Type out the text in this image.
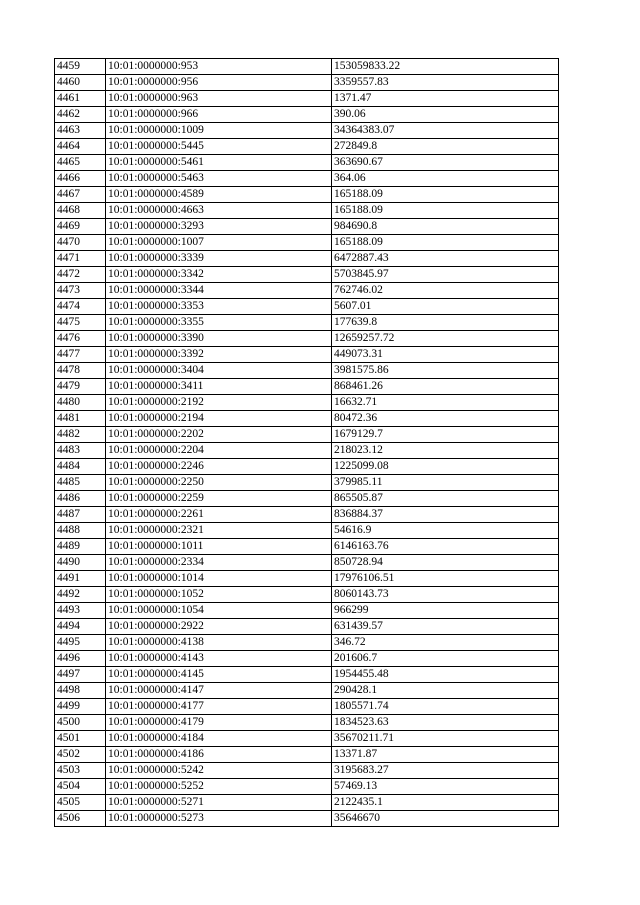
4459	10:01:0000000:953	153059833.22
4460	10:01:0000000:956	3359557.83
4461	10:01:0000000:963	1371.47
4462	10:01:0000000:966	390.06
4463	10:01:0000000:1009	34364383.07
4464	10:01:0000000:5445	272849.8
4465	10:01:0000000:5461	363690.67
4466	10:01:0000000:5463	364.06
4467	10:01:0000000:4589	165188.09
4468	10:01:0000000:4663	165188.09
4469	10:01:0000000:3293	984690.8
4470	10:01:0000000:1007	165188.09
4471	10:01:0000000:3339	6472887.43
4472	10:01:0000000:3342	5703845.97
4473	10:01:0000000:3344	762746.02
4474	10:01:0000000:3353	5607.01
4475	10:01:0000000:3355	177639.8
4476	10:01:0000000:3390	12659257.72
4477	10:01:0000000:3392	449073.31
4478	10:01:0000000:3404	3981575.86
4479	10:01:0000000:3411	868461.26
4480	10:01:0000000:2192	16632.71
4481	10:01:0000000:2194	80472.36
4482	10:01:0000000:2202	1679129.7
4483	10:01:0000000:2204	218023.12
4484	10:01:0000000:2246	1225099.08
4485	10:01:0000000:2250	379985.11
4486	10:01:0000000:2259	865505.87
4487	10:01:0000000:2261	836884.37
4488	10:01:0000000:2321	54616.9
4489	10:01:0000000:1011	6146163.76
4490	10:01:0000000:2334	850728.94
4491	10:01:0000000:1014	17976106.51
4492	10:01:0000000:1052	8060143.73
4493	10:01:0000000:1054	966299
4494	10:01:0000000:2922	631439.57
4495	10:01:0000000:4138	346.72
4496	10:01:0000000:4143	201606.7
4497	10:01:0000000:4145	1954455.48
4498	10:01:0000000:4147	290428.1
4499	10:01:0000000:4177	1805571.74
4500	10:01:0000000:4179	1834523.63
4501	10:01:0000000:4184	35670211.71
4502	10:01:0000000:4186	13371.87
4503	10:01:0000000:5242	3195683.27
4504	10:01:0000000:5252	57469.13
4505	10:01:0000000:5271	2122435.1
4506	10:01:0000000:5273	35646670
